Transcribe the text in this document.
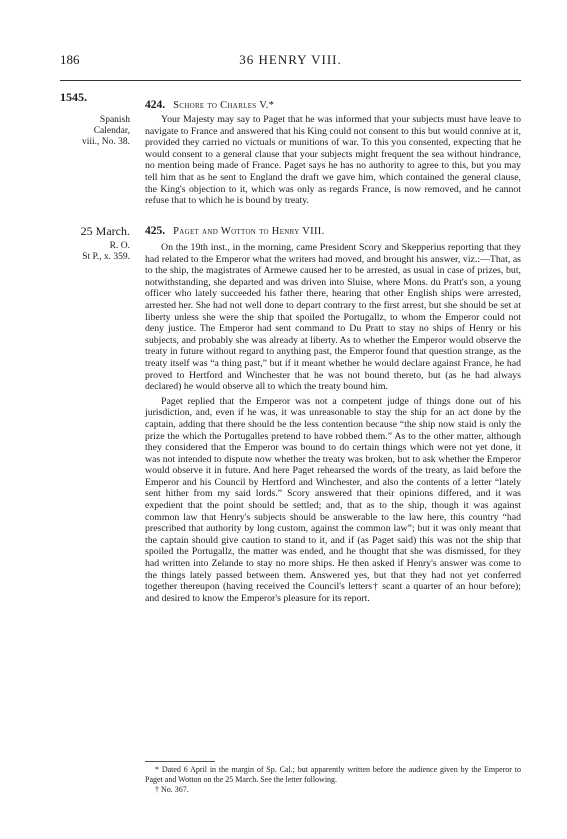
186	36 HENRY VIII.
1545.
Spanish
Calendar,
viii., No. 38.
424. Schore to Charles V.*

Your Majesty may say to Paget that he was informed that your subjects must have leave to navigate to France and answered that his King could not consent to this but would connive at it, provided they carried no victuals or munitions of war. To this you consented, expecting that he would consent to a general clause that your subjects might frequent the sea without hindrance, no mention being made of France. Paget says he has no authority to agree to this, but you may tell him that as he sent to England the draft we gave him, which contained the general clause, the King's objection to it, which was only as regards France, is now removed, and he cannot refuse that to which he is bound by treaty.

25 March.
R. O.
St P., x. 359.
425. Paget and Wotton to Henry VIII.

On the 19th inst., in the morning, came President Scory and Skepperius reporting that they had related to the Emperor what the writers had moved, and brought his answer, viz.:—That, as to the ship, the magistrates of Armewe caused her to be arrested, as usual in case of prizes, but, notwithstanding, she departed and was driven into Sluise, where Mons. du Pratt's son, a young officer who lately succeeded his father there, hearing that other English ships were arrested, arrested her. She had not well done to depart contrary to the first arrest, but she should be set at liberty unless she were the ship that spoiled the Portugallz, to whom the Emperor could not deny justice. The Emperor had sent command to Du Pratt to stay no ships of Henry or his subjects, and probably she was already at liberty. As to whether the Emperor would observe the treaty in future without regard to anything past, the Emperor found that question strange, as the treaty itself was “a thing past,” but if it meant whether he would declare against France, he had proved to Hertford and Winchester that he was not bound thereto, but (as he had always declared) he would observe all to which the treaty bound him.

Paget replied that the Emperor was not a competent judge of things done out of his jurisdiction, and, even if he was, it was unreasonable to stay the ship for an act done by the captain, adding that there should be the less contention because “the ship now staid is only the prize the which the Portugalles pretend to have robbed them.” As to the other matter, although they considered that the Emperor was bound to do certain things which were not yet done, it was not intended to dispute now whether the treaty was broken, but to ask whether the Emperor would observe it in future. And here Paget rehearsed the words of the treaty, as laid before the Emperor and his Council by Hertford and Winchester, and also the contents of a letter “lately sent hither from my said lords.” Scory answered that their opinions differed, and it was expedient that the point should be settled; and, that as to the ship, though it was against common law that Henry's subjects should be answerable to the law here, this country “had prescribed that authority by long custom, against the common law”; but it was only meant that the captain should give caution to stand to it, and if (as Paget said) this was not the ship that spoiled the Portugallz, the matter was ended, and he thought that she was dismissed, for they had written into Zelande to stay no more ships. He then asked if Henry's answer was come to the things lately passed between them. Answered yes, but that they had not yet conferred together thereupon (having received the Council's letters† scant a quarter of an hour before); and desired to know the Emperor's pleasure for its report.

* Dated 6 April in the margin of Sp. Cal.; but apparently written before the audience given by the Emperor to Paget and Wotton on the 25 March. See the letter following.

† No. 367.
